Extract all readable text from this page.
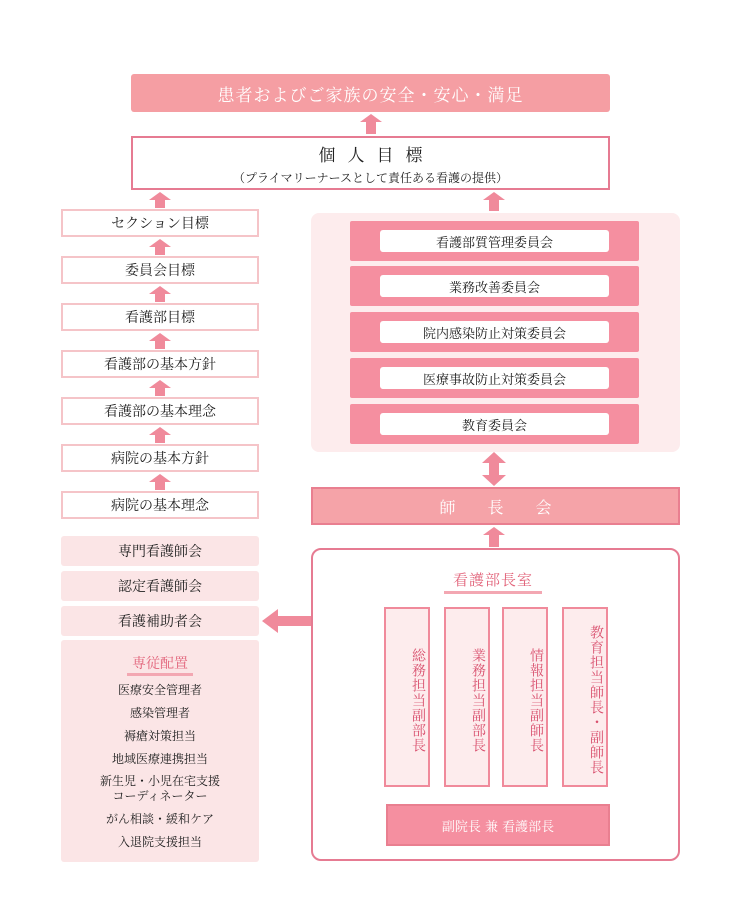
患者およびご家族の安全・安心・満足
個人目標
（プライマリーナースとして責任ある看護の提供）
セクション目標
委員会目標
看護部目標
看護部の基本方針
看護部の基本理念
病院の基本方針
病院の基本理念
専門看護師会
認定看護師会
看護補助者会
専従配置
医療安全管理者
感染管理者
褥瘡対策担当
地域医療連携担当
新生児・小児在宅支援
コーディネーター
がん相談・緩和ケア
入退院支援担当
看護部質管理委員会
業務改善委員会
院内感染防止対策委員会
医療事故防止対策委員会
教育委員会
師長会
看護部長室
総務担当副部長	業務担当副部長	情報担当副師長	教育担当師長・副師長
副院長 兼 看護部長
